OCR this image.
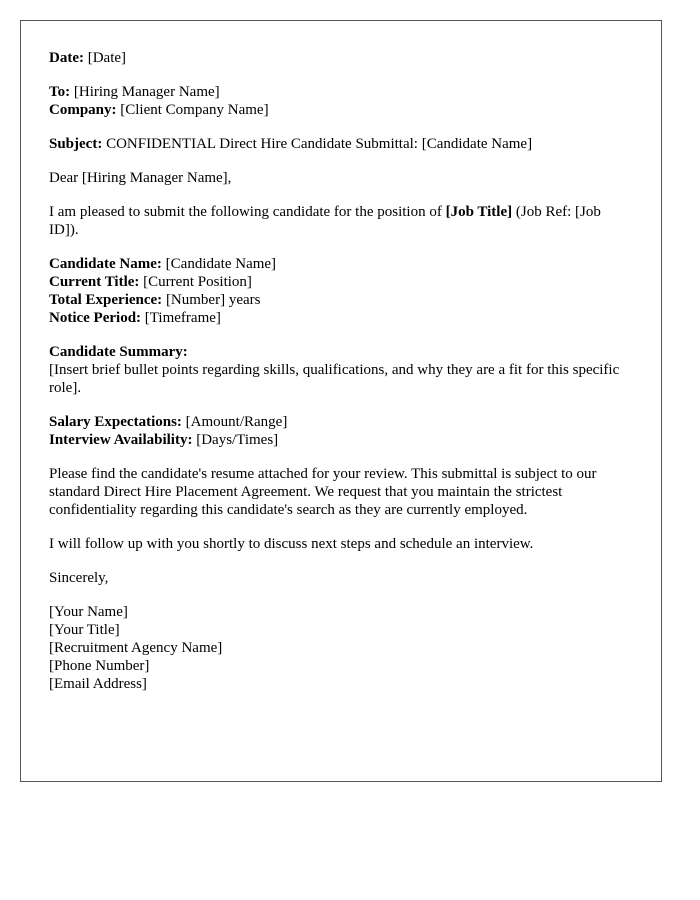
Date: [Date]
To: [Hiring Manager Name]
Company: [Client Company Name]
Subject: CONFIDENTIAL Direct Hire Candidate Submittal: [Candidate Name]

Dear [Hiring Manager Name],

I am pleased to submit the following candidate for the position of [Job Title] (Job Ref: [Job ID]).

Candidate Name: [Candidate Name]
Current Title: [Current Position]
Total Experience: [Number] years
Notice Period: [Timeframe]
Candidate Summary:
[Insert brief bullet points regarding skills, qualifications, and why they are a fit for this specific role].
Salary Expectations: [Amount/Range]
Interview Availability: [Days/Times]

Please find the candidate's resume attached for your review. This submittal is subject to our standard Direct Hire Placement Agreement. We request that you maintain the strictest confidentiality regarding this candidate's search as they are currently employed.

I will follow up with you shortly to discuss next steps and schedule an interview.

Sincerely,

[Your Name]
[Your Title]
[Recruitment Agency Name]
[Phone Number]
[Email Address]
